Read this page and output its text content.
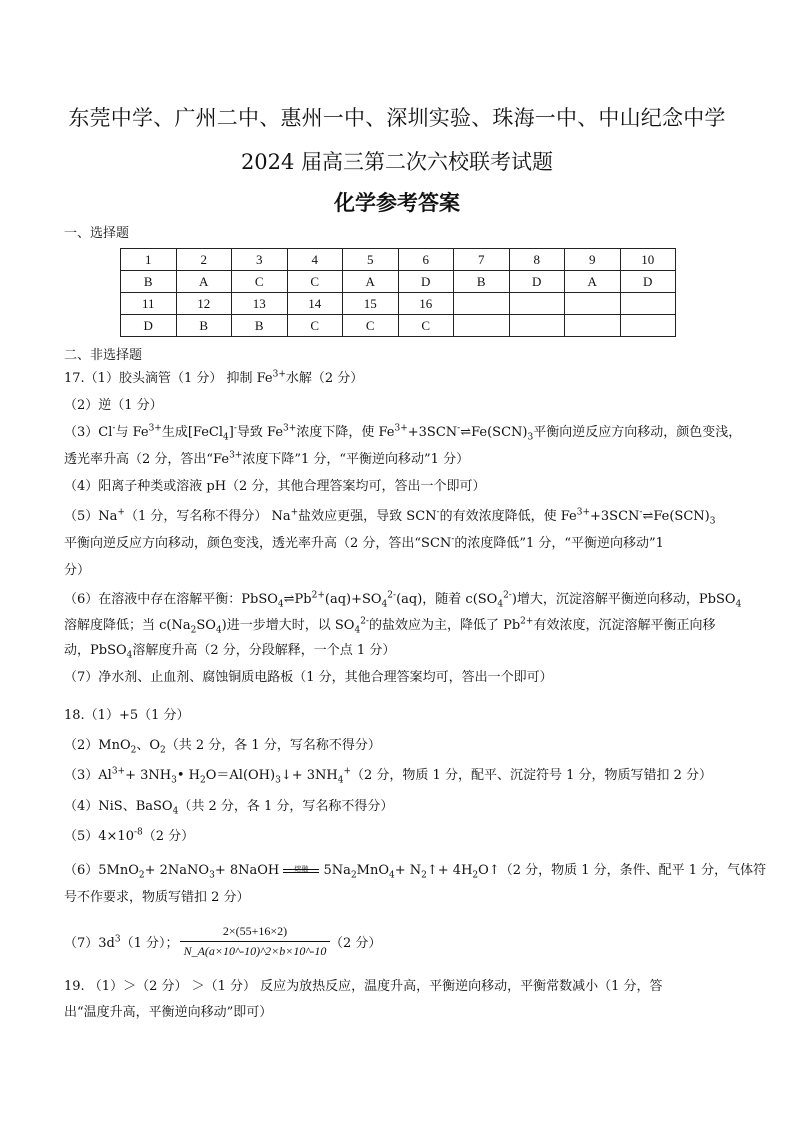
东莞中学、广州二中、惠州一中、深圳实验、珠海一中、中山纪念中学
2024 届高三第二次六校联考试题
化学参考答案
一、选择题
1	2	3	4	5	6	7	8	9	10
B	A	C	C	A	D	B	D	A	D
11	12	13	14	15	16				
D	B	B	C	C	C				
二、非选择题
17.（1）胶头滴管（1 分） 抑制 $Fe^{3+}$水解（2 分）
（2）逆（1 分）
（3）Cl-与 $Fe^{3+}$生成[FeCl$_4$]-导致 $Fe^{3+}$浓度下降，使 $Fe^{3+}+3SCN^-\rightleftharpoons Fe(SCN)_3$平衡向逆反应方向移动，颜色变浅，
透光率升高（2 分，答出“$Fe^{3+}$浓度下降”1 分，“平衡逆向移动”1 分）
（4）阳离子种类或溶液 pH（2 分，其他合理答案均可，答出一个即可）
（5）Na+（1 分，写名称不得分） Na+盐效应更强，导致 SCN-的有效浓度降低，使 $Fe^{3+}+3SCN^-\rightleftharpoons Fe(SCN)_3$
平衡向逆反应方向移动，颜色变浅，透光率升高（2 分，答出“SCN-的浓度降低”1 分，“平衡逆向移动”1
分）
（6）在溶液中存在溶解平衡：$PbSO_4\rightleftharpoons Pb^{2+}(aq)+SO_4^{2-}(aq)$，随着 $c(SO_4^{2-})$增大，沉淀溶解平衡逆向移动，PbSO$_4$
溶解度降低；当 $c(Na_2SO_4)$进一步增大时，以 $SO_4^{2-}$的盐效应为主，降低了 $Pb^{2+}$有效浓度，沉淀溶解平衡正向移
动，PbSO$_4$溶解度升高（2 分，分段解释，一个点 1 分）
（7）净水剂、止血剂、腐蚀铜质电路板（1 分，其他合理答案均可，答出一个即可）
18.（1）+5（1 分）
（2）MnO$_2$、$O_2$（共 2 分，各 1 分，写名称不得分）
$(3)Al^{3+}+$ $3NH_3•$ $H_2O=Al(OH)_3↓+ 3NH_4^+(2$ 分，物质 1 分，配平、沉淀符号 1 分，物质写错扣 2 分）
（4）NiS、BaSO$_4$（共 2 分，各 1 分，写名称不得分）
$(5)4\times 10^{-8}(2$ 分）
（6）5MnO$_2$+ 2NaNO$_3$+ 8NaOH	熔融	$5Na_2MnO_4+$ $N_2↑+$ $4H_2O↑(2$ 分，物质 1 分，条件、配平 1 分，气体符
号不作要求，物质写错扣 2 分）
$(7)3d^3(1$ 分）； $\frac{2\times(55+16\times 2)}{N\_A(a\times 10\^{}-10)\^{}2\times b\times 10\^{}-10} (2$ 分）
19. （1）＞（2 分） ＞（1 分） 反应为放热反应，温度升高，平衡逆向移动，平衡常数减小（1 分，答
出“温度升高，平衡逆向移动”即可）
